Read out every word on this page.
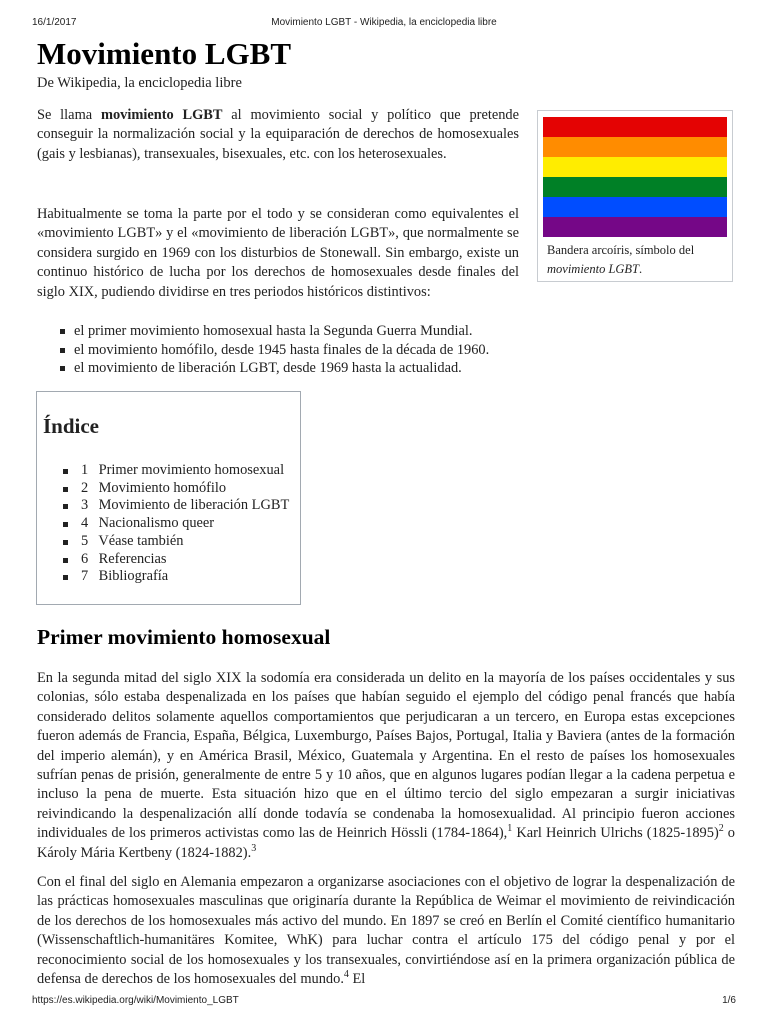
16/1/2017	Movimiento LGBT - Wikipedia, la enciclopedia libre
Movimiento LGBT
De Wikipedia, la enciclopedia libre

Se llama movimiento LGBT al movimiento social y político que pretende conseguir la normalización social y la equiparación de derechos de homosexuales (gais y lesbianas), transexuales, bisexuales, etc. con los heterosexuales.

Habitualmente se toma la parte por el todo y se consideran como equivalentes el «movimiento LGBT» y el «movimiento de liberación LGBT», que normalmente se considera surgido en 1969 con los disturbios de Stonewall. Sin embargo, existe un continuo histórico de lucha por los derechos de homosexuales desde finales del siglo XIX, pudiendo dividirse en tres periodos históricos distintivos:

Bandera arcoíris, símbolo del movimiento LGBT.
el primer movimiento homosexual hasta la Segunda Guerra Mundial.
el movimiento homófilo, desde 1945 hasta finales de la década de 1960.
el movimiento de liberación LGBT, desde 1969 hasta la actualidad.
Índice
1 Primer movimiento homosexual
2 Movimiento homófilo
3 Movimiento de liberación LGBT
4 Nacionalismo queer
5 Véase también
6 Referencias
7 Bibliografía
Primer movimiento homosexual

En la segunda mitad del siglo XIX la sodomía era considerada un delito en la mayoría de los países occidentales y sus colonias, sólo estaba despenalizada en los países que habían seguido el ejemplo del código penal francés que había considerado delitos solamente aquellos comportamientos que perjudicaran a un tercero, en Europa estas excepciones fueron además de Francia, España, Bélgica, Luxemburgo, Países Bajos, Portugal, Italia y Baviera (antes de la formación del imperio alemán), y en América Brasil, México, Guatemala y Argentina. En el resto de países los homosexuales sufrían penas de prisión, generalmente de entre 5 y 10 años, que en algunos lugares podían llegar a la cadena perpetua e incluso la pena de muerte. Esta situación hizo que en el último tercio del siglo empezaran a surgir iniciativas reivindicando la despenalización allí donde todavía se condenaba la homosexualidad. Al principio fueron acciones individuales de los primeros activistas como las de Heinrich Hössli (1784-1864),$^1$ Karl Heinrich Ulrichs (1825-1895)$^2$ o Károly Mária Kertbeny (1824-1882).$^3$

Con el final del siglo en Alemania empezaron a organizarse asociaciones con el objetivo de lograr la despenalización de las prácticas homosexuales masculinas que originaría durante la República de Weimar el movimiento de reivindicación de los derechos de los homosexuales más activo del mundo. En 1897 se creó en Berlín el Comité científico humanitario (Wissenschaftlich-humanitäres Komitee, WhK) para luchar contra el artículo 175 del código penal y por el reconocimiento social de los homosexuales y los transexuales, convirtiéndose así en la primera organización pública de defensa de derechos de los homosexuales del mundo.$^4$ El

https://es.wikipedia.org/wiki/Movimiento_LGBT	1/6
